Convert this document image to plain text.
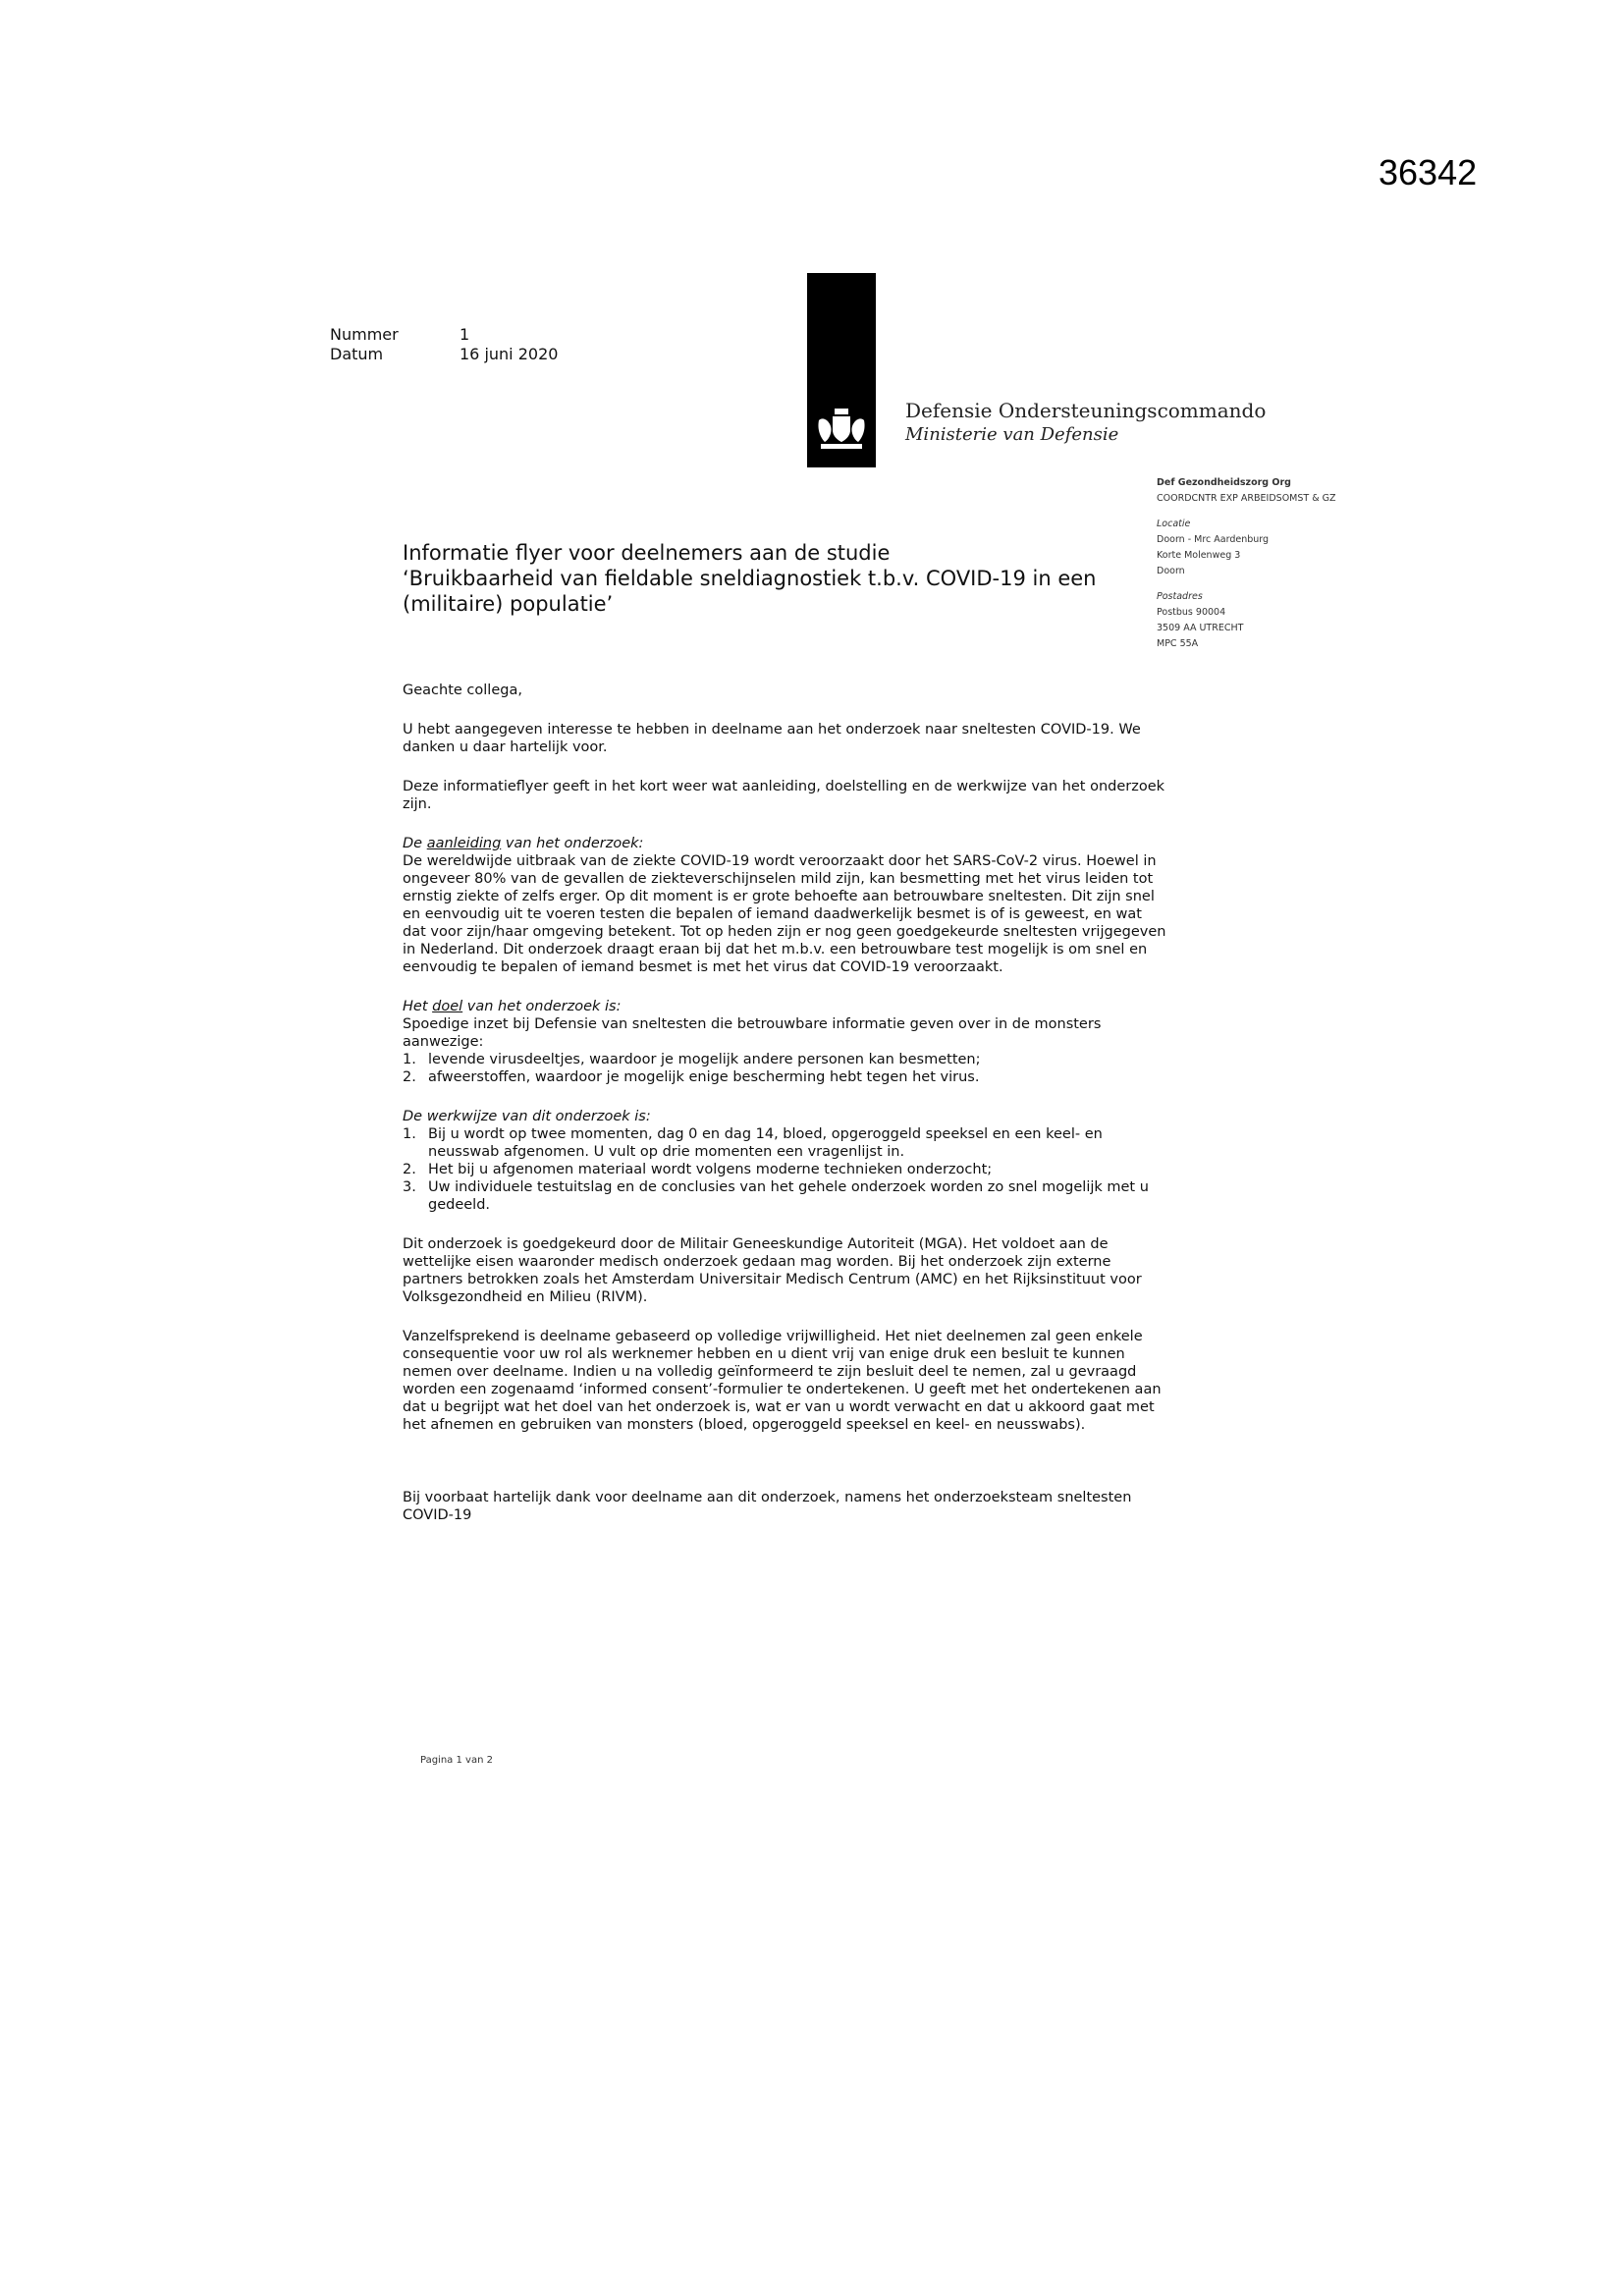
36342
Defensie Ondersteuningscommando
Ministerie van Defensie
Nummer	1
Datum	16 juni 2020
Def Gezondheidszorg Org
COORDCNTR EXP ARBEIDSOMST & GZ
Locatie
Doorn - Mrc Aardenburg
Korte Molenweg 3
Doorn
Postadres
Postbus 90004
3509 AA UTRECHT
MPC 55A
Informatie flyer voor deelnemers aan de studie
‘Bruikbaarheid van fieldable sneldiagnostiek t.b.v. COVID-19 in een
(militaire) populatie’

Geachte collega,

U hebt aangegeven interesse te hebben in deelname aan het onderzoek naar sneltesten COVID-19. We danken u daar hartelijk voor.

Deze informatieflyer geeft in het kort weer wat aanleiding, doelstelling en de werkwijze van het onderzoek zijn.

De aanleiding van het onderzoek:
De wereldwijde uitbraak van de ziekte COVID-19 wordt veroorzaakt door het SARS-CoV-2 virus. Hoewel in ongeveer 80% van de gevallen de ziekteverschijnselen mild zijn, kan besmetting met het virus leiden tot ernstig ziekte of zelfs erger. Op dit moment is er grote behoefte aan betrouwbare sneltesten. Dit zijn snel en eenvoudig uit te voeren testen die bepalen of iemand daadwerkelijk besmet is of is geweest, en wat dat voor zijn/haar omgeving betekent. Tot op heden zijn er nog geen goedgekeurde sneltesten vrijgegeven in Nederland. Dit onderzoek draagt eraan bij dat het m.b.v. een betrouwbare test mogelijk is om snel en eenvoudig te bepalen of iemand besmet is met het virus dat COVID-19 veroorzaakt.

Het doel van het onderzoek is:
Spoedige inzet bij Defensie van sneltesten die betrouwbare informatie geven over in de monsters aanwezige:
1. levende virusdeeltjes, waardoor je mogelijk andere personen kan besmetten;
2. afweerstoffen, waardoor je mogelijk enige bescherming hebt tegen het virus.
De werkwijze van dit onderzoek is:
1. Bij u wordt op twee momenten, dag 0 en dag 14, bloed, opgeroggeld speeksel en een keel- en neusswab afgenomen. U vult op drie momenten een vragenlijst in.
2. Het bij u afgenomen materiaal wordt volgens moderne technieken onderzocht;
3. Uw individuele testuitslag en de conclusies van het gehele onderzoek worden zo snel mogelijk met u gedeeld.

Dit onderzoek is goedgekeurd door de Militair Geneeskundige Autoriteit (MGA). Het voldoet aan de wettelijke eisen waaronder medisch onderzoek gedaan mag worden. Bij het onderzoek zijn externe partners betrokken zoals het Amsterdam Universitair Medisch Centrum (AMC) en het Rijksinstituut voor Volksgezondheid en Milieu (RIVM).

Vanzelfsprekend is deelname gebaseerd op volledige vrijwilligheid. Het niet deelnemen zal geen enkele consequentie voor uw rol als werknemer hebben en u dient vrij van enige druk een besluit te kunnen nemen over deelname. Indien u na volledig geïnformeerd te zijn besluit deel te nemen, zal u gevraagd worden een zogenaamd ‘informed consent’-formulier te ondertekenen. U geeft met het ondertekenen aan dat u begrijpt wat het doel van het onderzoek is, wat er van u wordt verwacht en dat u akkoord gaat met het afnemen en gebruiken van monsters (bloed, opgeroggeld speeksel en keel- en neusswabs).

Bij voorbaat hartelijk dank voor deelname aan dit onderzoek, namens het onderzoeksteam sneltesten COVID-19

Pagina 1 van 2
